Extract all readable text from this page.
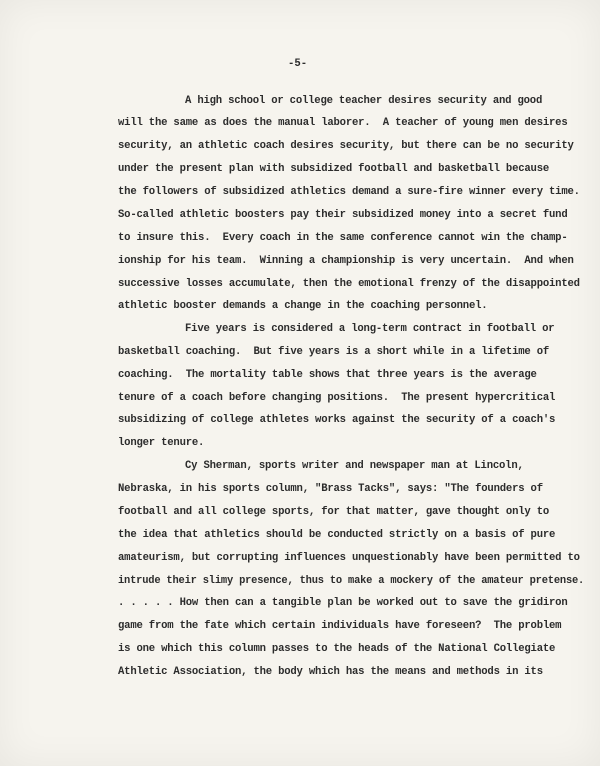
-5-
A high school or college teacher desires security and good
will the same as does the manual laborer.  A teacher of young men desires
security, an athletic coach desires security, but there can be no security
under the present plan with subsidized football and basketball because
the followers of subsidized athletics demand a sure-fire winner every time.
So-called athletic boosters pay their subsidized money into a secret fund
to insure this.  Every coach in the same conference cannot win the champ-
ionship for his team.  Winning a championship is very uncertain.  And when
successive losses accumulate, then the emotional frenzy of the disappointed
athletic booster demands a change in the coaching personnel.
Five years is considered a long-term contract in football or
basketball coaching.  But five years is a short while in a lifetime of
coaching.  The mortality table shows that three years is the average
tenure of a coach before changing positions.  The present hypercritical
subsidizing of college athletes works against the security of a coach's
longer tenure.
Cy Sherman, sports writer and newspaper man at Lincoln,
Nebraska, in his sports column, "Brass Tacks", says: "The founders of
football and all college sports, for that matter, gave thought only to
the idea that athletics should be conducted strictly on a basis of pure
amateurism, but corrupting influences unquestionably have been permitted to
intrude their slimy presence, thus to make a mockery of the amateur pretense.
. . . . . How then can a tangible plan be worked out to save the gridiron
game from the fate which certain individuals have foreseen?  The problem
is one which this column passes to the heads of the National Collegiate
Athletic Association, the body which has the means and methods in its
